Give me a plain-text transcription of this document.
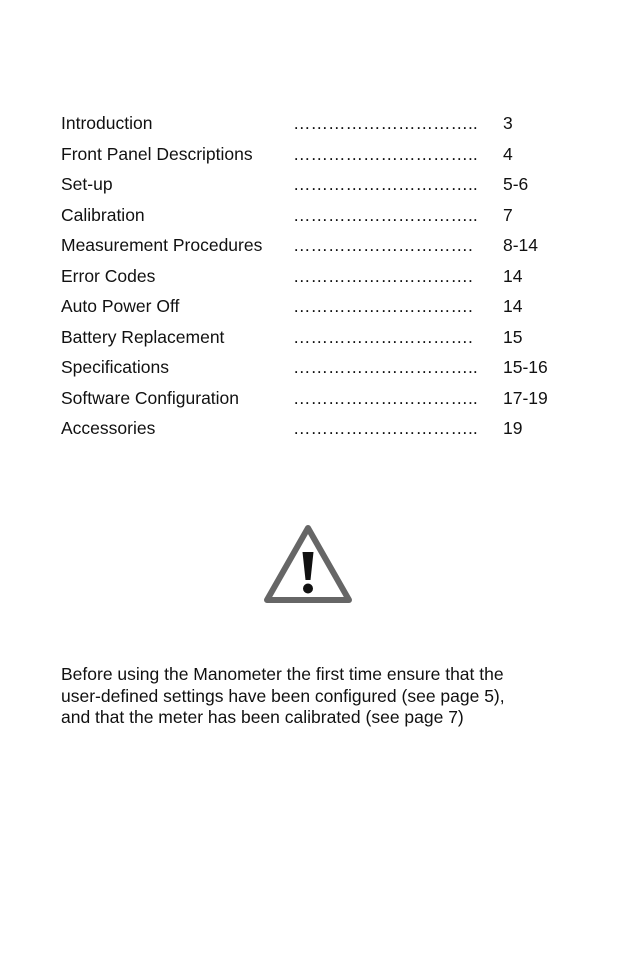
Introduction	………………………….. 3
Front Panel Descriptions ………………………….. 4
Set-up	………………………….. 5-6
Calibration	………………………….. 7
Measurement Procedures …………………………. 8-14
Error Codes	…………………………. 14
Auto Power Off	…………………………. 14
Battery Replacement	…………………………. 15
Specifications	………………………….. 15-16
Software Configuration	………………………….. 17-19
Accessories	………………………….. 19

Before using the Manometer the first time ensure that the
user-defined settings have been configured (see page 5),
and that the meter has been calibrated (see page 7)
